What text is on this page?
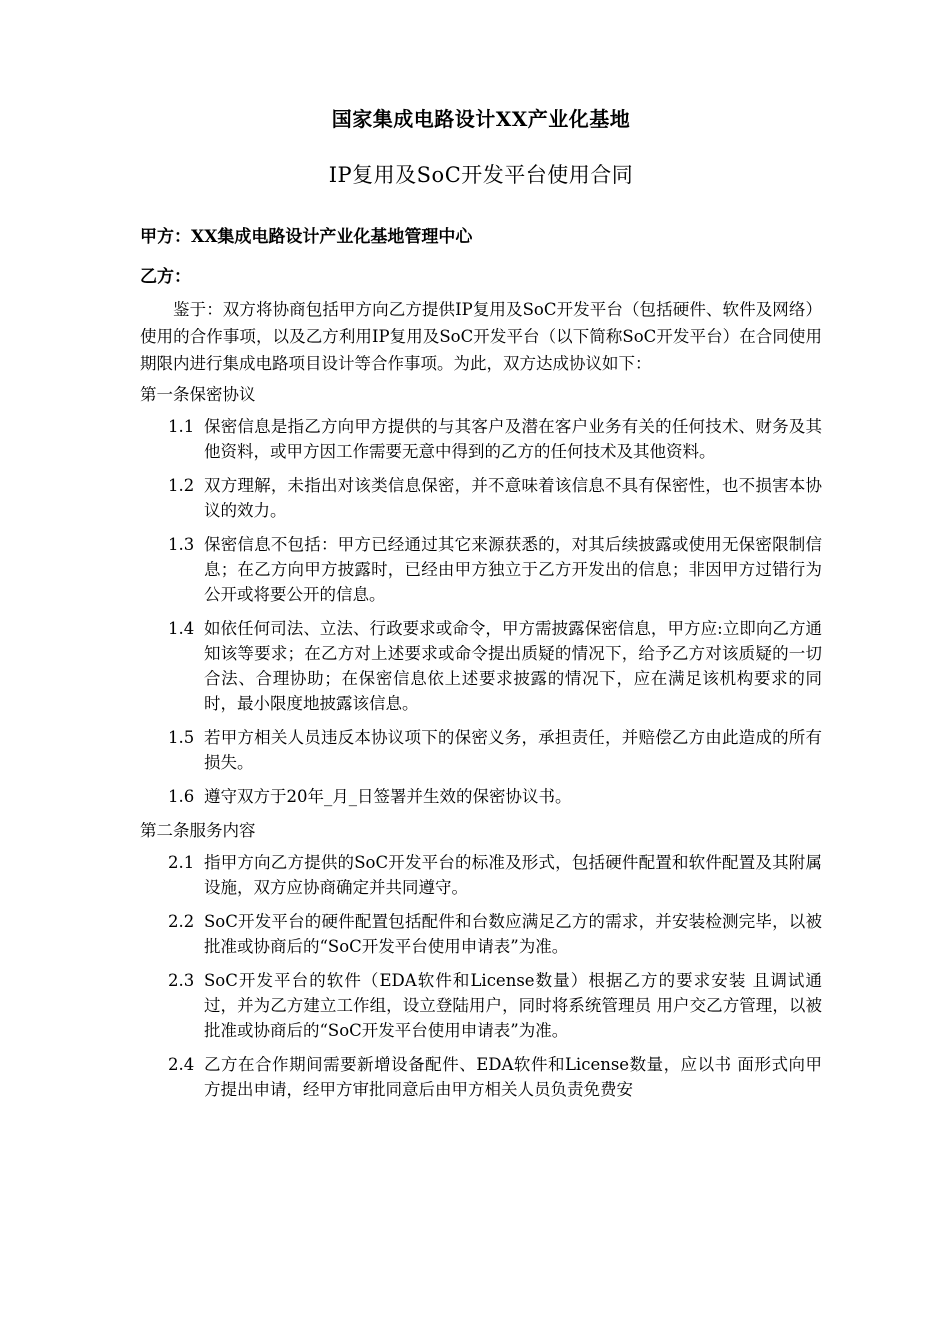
国家集成电路设计XX产业化基地
IP复用及SoC开发平台使用合同

甲方：XX集成电路设计产业化基地管理中心

乙方：

鉴于：双方将协商包括甲方向乙方提供IP复用及SoC开发平台（包括硬件、软件及网络）使用的合作事项，以及乙方利用IP复用及SoC开发平台（以下简称SoC开发平台）在合同使用期限内进行集成电路项目设计等合作事项。为此，双方达成协议如下：

第一条保密协议

1.1 保密信息是指乙方向甲方提供的与其客户及潜在客户业务有关的任何技术、财务及其他资料，或甲方因工作需要无意中得到的乙方的任何技术及其他资料。
1.2 双方理解，未指出对该类信息保密，并不意味着该信息不具有保密性，也不损害本协议的效力。
1.3 保密信息不包括：甲方已经通过其它来源获悉的，对其后续披露或使用无保密限制信息；在乙方向甲方披露时，已经由甲方独立于乙方开发出的信息；非因甲方过错行为公开或将要公开的信息。
1.4 如依任何司法、立法、行政要求或命令，甲方需披露保密信息，甲方应:立即向乙方通知该等要求；在乙方对上述要求或命令提出质疑的情况下，给予乙方对该质疑的一切合法、合理协助；在保密信息依上述要求披露的情况下，应在满足该机构要求的同时，最小限度地披露该信息。
1.5 若甲方相关人员违反本协议项下的保密义务，承担责任，并赔偿乙方由此造成的所有损失。
1.6 遵守双方于20年_月_日签署并生效的保密协议书。

第二条服务内容

2.1 指甲方向乙方提供的SoC开发平台的标准及形式，包括硬件配置和软件配置及其附属设施，双方应协商确定并共同遵守。
2.2 SoC开发平台的硬件配置包括配件和台数应满足乙方的需求，并安装检测完毕，以被批准或协商后的“SoC开发平台使用申请表”为准。
2.3 SoC开发平台的软件（EDA软件和License数量）根据乙方的要求安装 且调试通过，并为乙方建立工作组，设立登陆用户，同时将系统管理员 用户交乙方管理，以被批准或协商后的“SoC开发平台使用申请表”为准。
2.4 乙方在合作期间需要新增设备配件、EDA软件和License数量，应以书 面形式向甲方提出申请，经甲方审批同意后由甲方相关人员负责免费安
